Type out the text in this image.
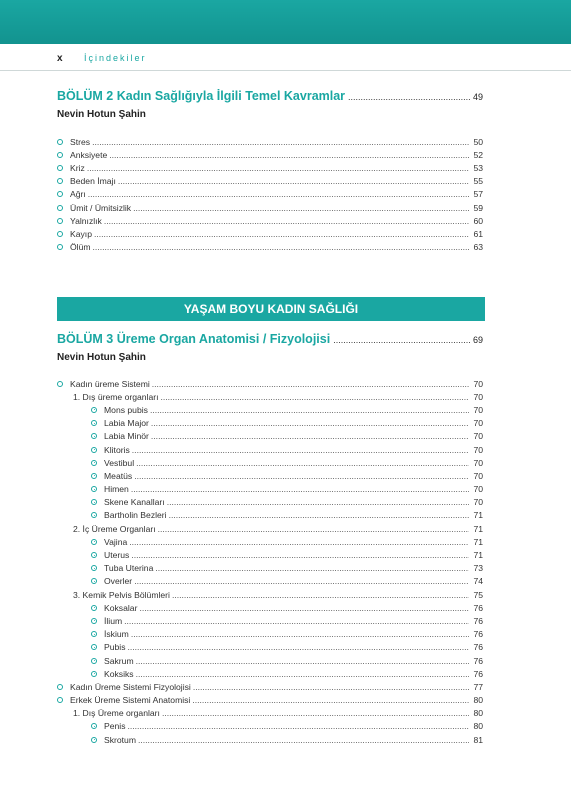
x İçindekiler
BÖLÜM 2 Kadın Sağlığıyla İlgili Temel Kavramlar .....	49
Nevin Hotun Şahin
Stres .....	50
Anksiyete .....	52
Kriz .....	53
Beden İmajı .....	55
Ağrı .....	57
Ümit / Ümitsizlik .....	59
Yalnızlık .....	60
Kayıp .....	61
Ölüm .....	63
YAŞAM BOYU KADIN SAĞLIĞI
BÖLÜM 3 Üreme Organ Anatomisi / Fizyolojisi .....	69
Nevin Hotun Şahin
Kadın üreme Sistemi .....	70
1. Dış üreme organları .....	70
Mons pubis .....	70
Labia Major .....	70
Labia Minör .....	70
Klitoris .....	70
Vestibul .....	70
Meatüs .....	70
Himen .....	70
Skene Kanalları .....	70
Bartholin Bezleri .....	71
2. İç Üreme Organları .....	71
Vajina .....	71
Uterus .....	71
Tuba Uterina .....	73
Overler .....	74
3. Kemik Pelvis Bölümleri .....	75
Koksalar .....	76
İlium .....	76
İskium .....	76
Pubis .....	76
Sakrum .....	76
Koksiks .....	76
Kadın Üreme Sistemi Fizyolojisi .....	77
Erkek Üreme Sistemi Anatomisi .....	80
1. Dış Üreme organları .....	80
Penis .....	80
Skrotum .....	81
